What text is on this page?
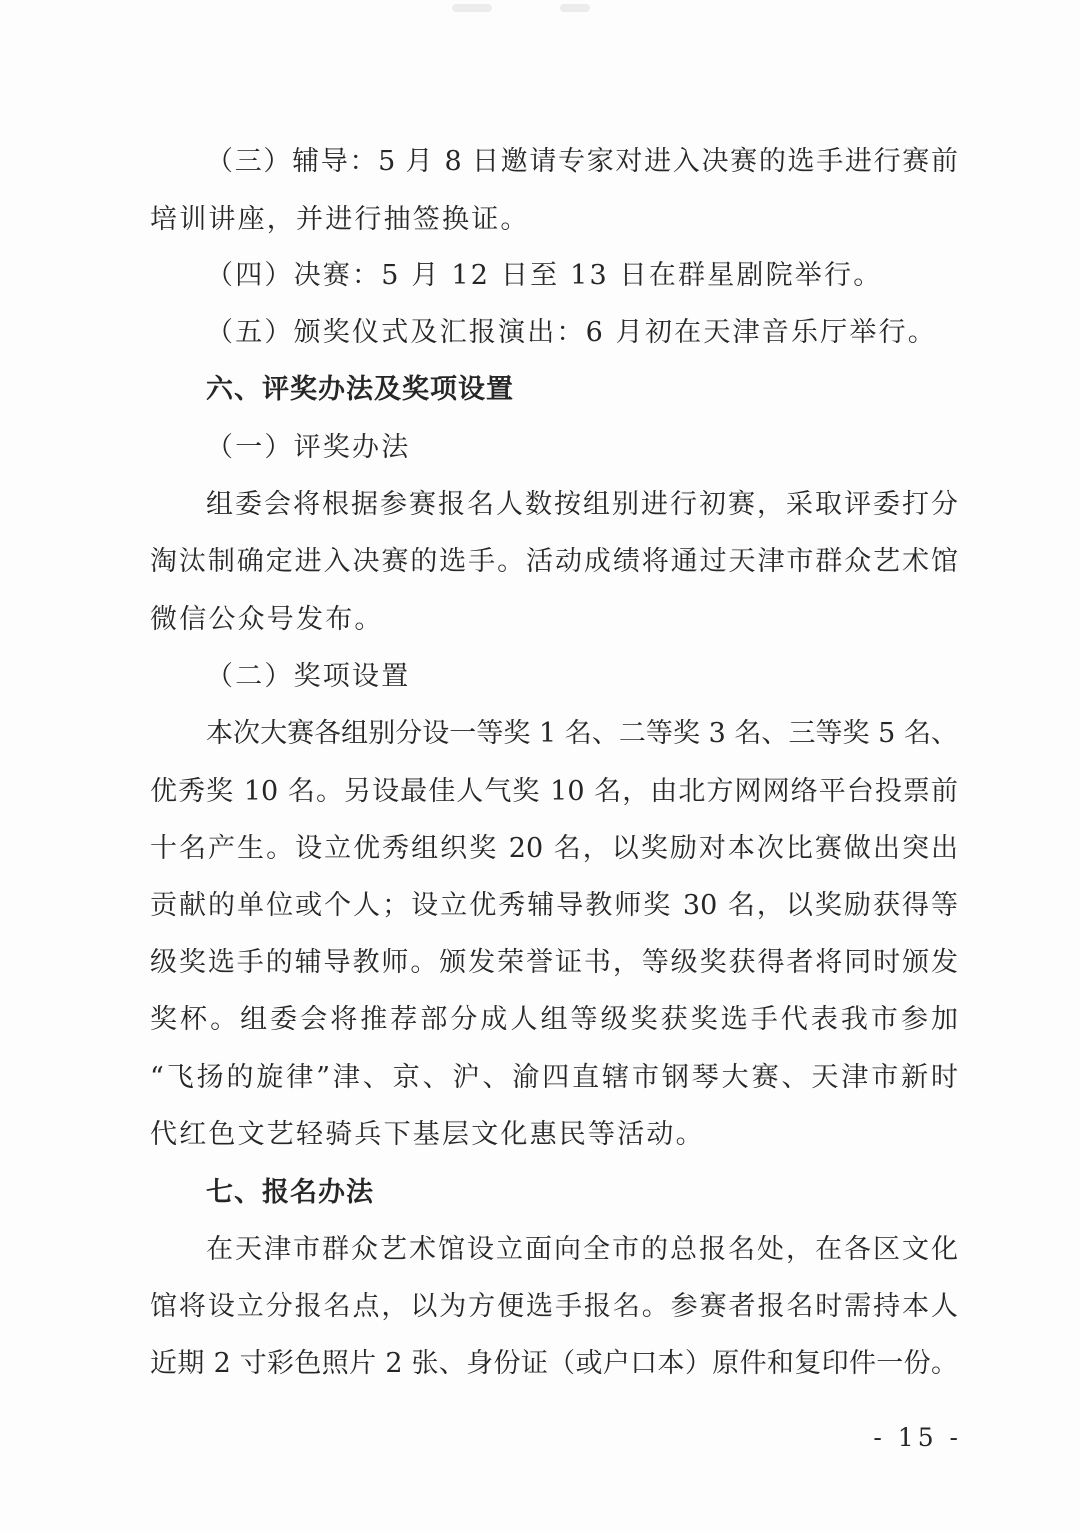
（三）辅导：5 月 8 日邀请专家对进入决赛的选手进行赛前
培训讲座，并进行抽签换证。
（四）决赛：5 月 12 日至 13 日在群星剧院举行。
（五）颁奖仪式及汇报演出：6 月初在天津音乐厅举行。
六、评奖办法及奖项设置
（一）评奖办法
组委会将根据参赛报名人数按组别进行初赛，采取评委打分
淘汰制确定进入决赛的选手。活动成绩将通过天津市群众艺术馆
微信公众号发布。
（二）奖项设置
本次大赛各组别分设一等奖 1 名、二等奖 3 名、三等奖 5 名、
优秀奖 10 名。另设最佳人气奖 10 名，由北方网网络平台投票前
十名产生。设立优秀组织奖 20 名，以奖励对本次比赛做出突出
贡献的单位或个人；设立优秀辅导教师奖 30 名，以奖励获得等
级奖选手的辅导教师。颁发荣誉证书，等级奖获得者将同时颁发
奖杯。组委会将推荐部分成人组等级奖获奖选手代表我市参加
“飞扬的旋律”津、京、沪、渝四直辖市钢琴大赛、天津市新时
代红色文艺轻骑兵下基层文化惠民等活动。
七、报名办法
在天津市群众艺术馆设立面向全市的总报名处，在各区文化
馆将设立分报名点，以为方便选手报名。参赛者报名时需持本人
近期 2 寸彩色照片 2 张、身份证（或户口本）原件和复印件一份。
- 15 -
